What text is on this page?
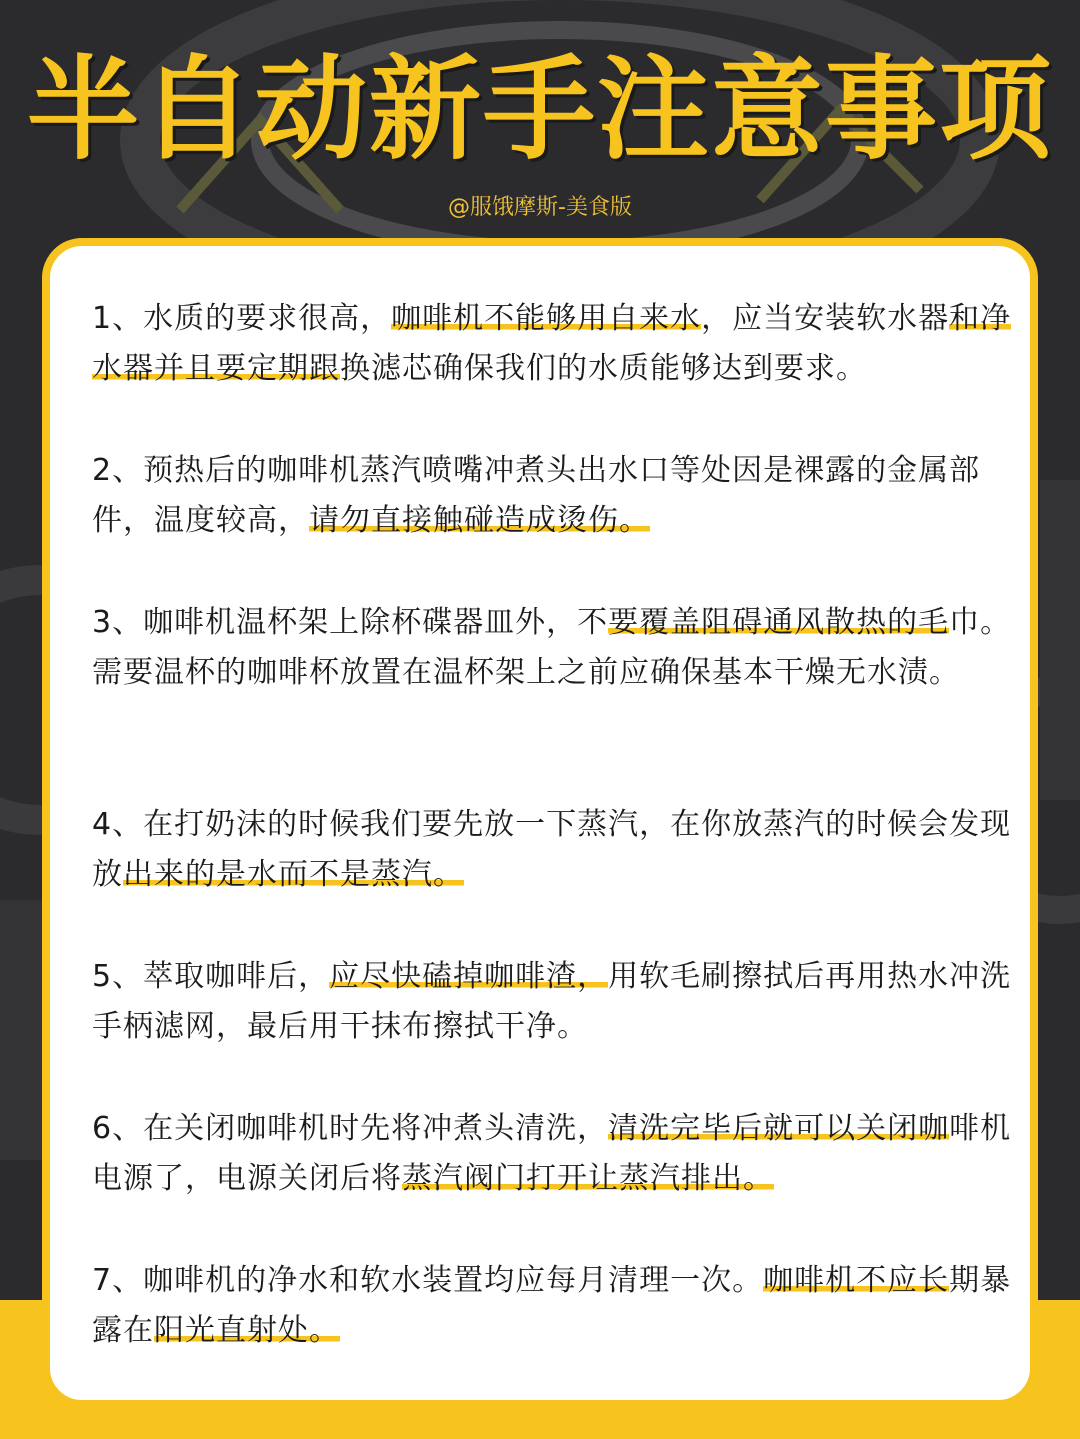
半自动新手注意事项
@服饿摩斯-美食版
1、水质的要求很高，咖啡机不能够用自来水，应当安装软水器和净水器并且要定期跟换滤芯确保我们的水质能够达到要求。
2、预热后的咖啡机蒸汽喷嘴冲煮头出水口等处因是裸露的金属部件，温度较高，请勿直接触碰造成烫伤。
3、咖啡机温杯架上除杯碟器皿外，不要覆盖阻碍通风散热的毛巾。需要温杯的咖啡杯放置在温杯架上之前应确保基本干燥无水渍。
4、在打奶沫的时候我们要先放一下蒸汽，在你放蒸汽的时候会发现放出来的是水而不是蒸汽。
5、萃取咖啡后，应尽快磕掉咖啡渣，用软毛刷擦拭后再用热水冲洗手柄滤网，最后用干抹布擦拭干净。
6、在关闭咖啡机时先将冲煮头清洗，清洗完毕后就可以关闭咖啡机电源了，电源关闭后将蒸汽阀门打开让蒸汽排出。
7、咖啡机的净水和软水装置均应每月清理一次。咖啡机不应长期暴露在阳光直射处。
